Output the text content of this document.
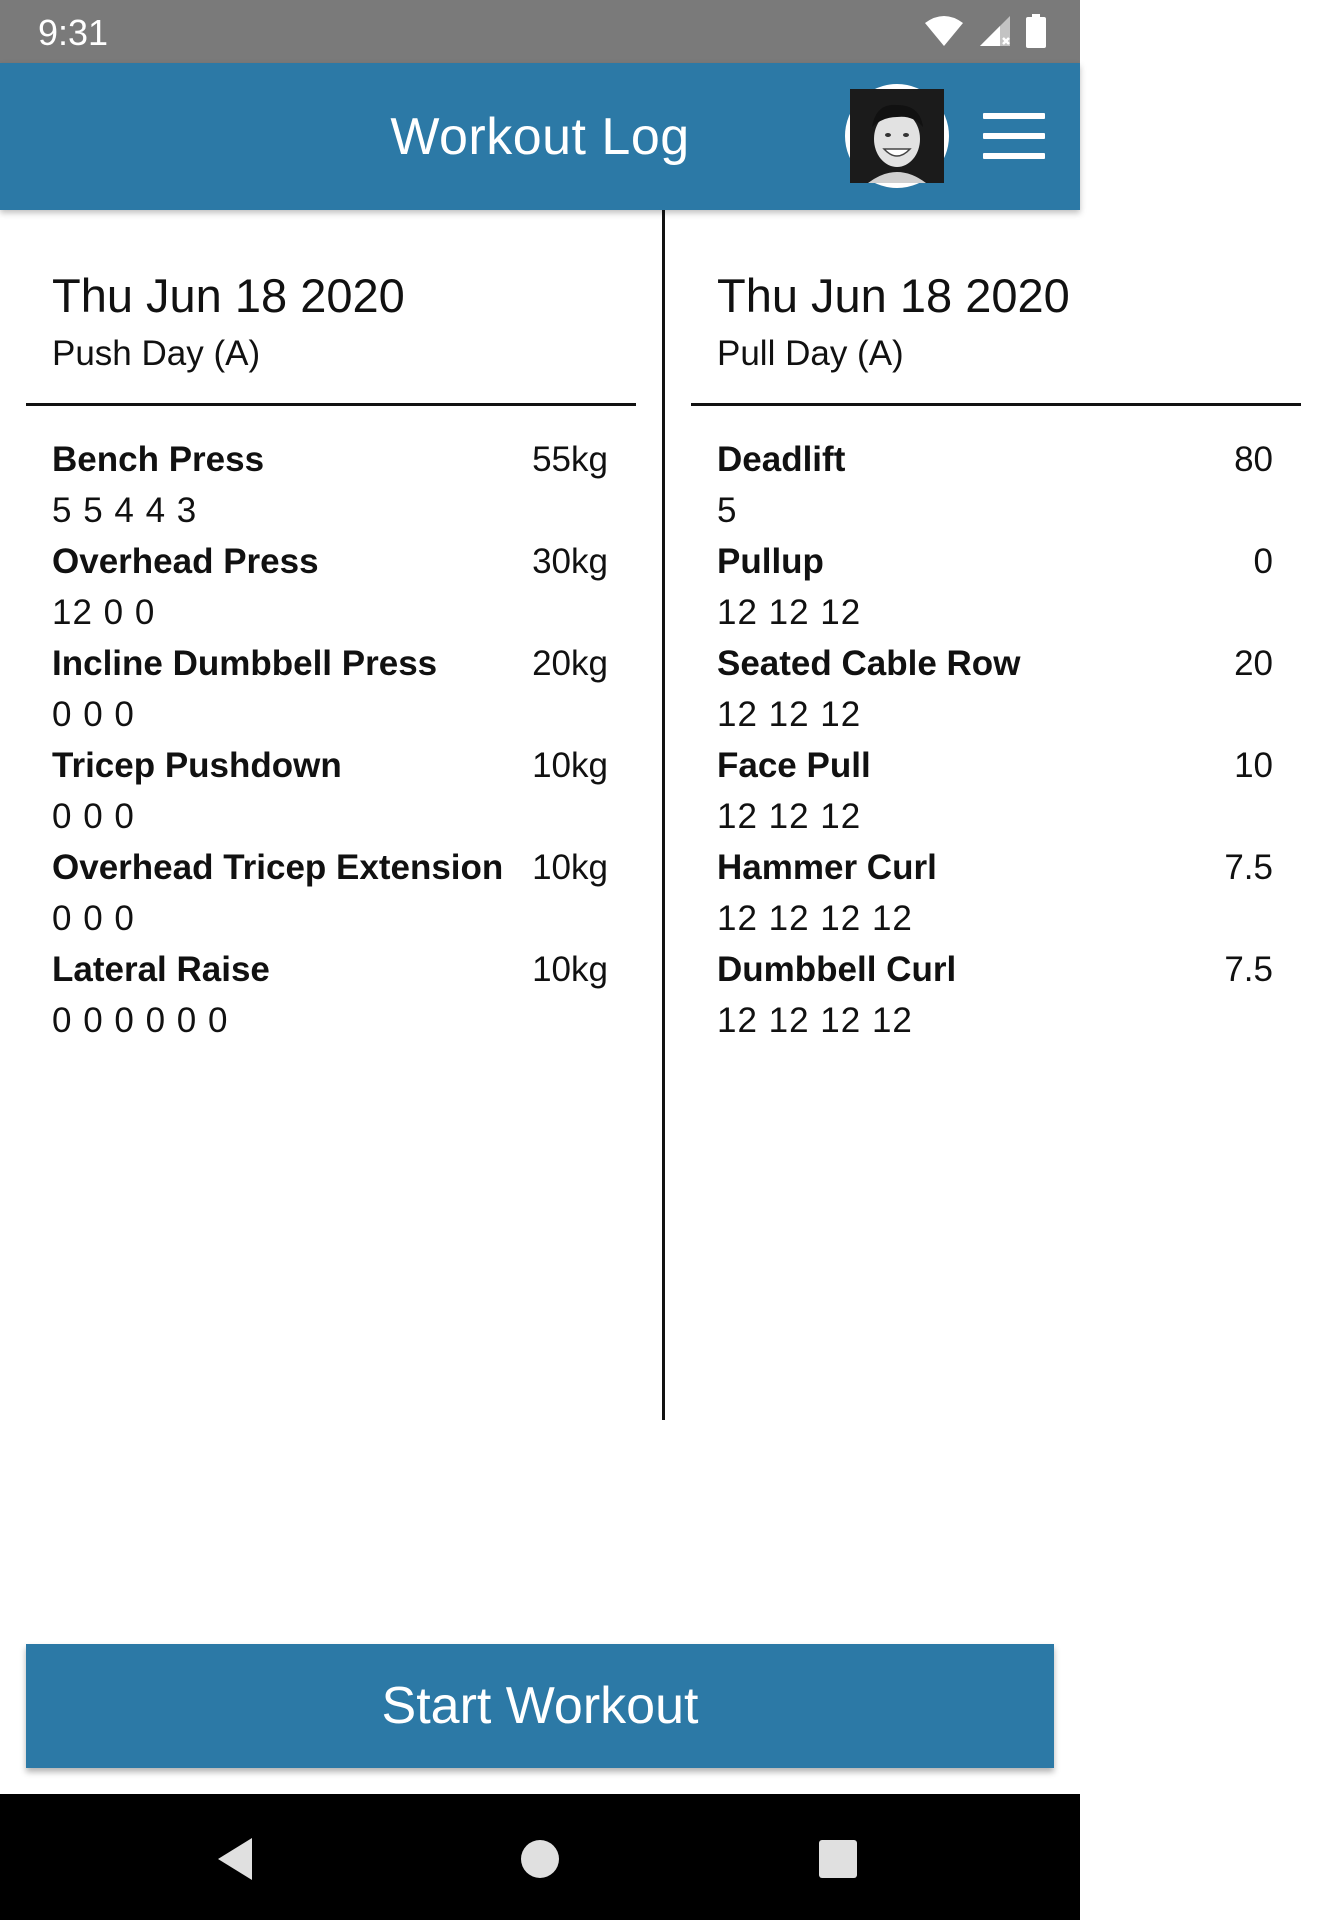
9:31
Workout Log
Thu Jun 18 2020
Push Day (A)
Bench Press	55kg
5 5 4 4 3
Overhead Press	30kg
12 0 0
Incline Dumbbell Press	20kg
0 0 0
Tricep Pushdown	10kg
0 0 0
Overhead Tricep Extension 10kg
0 0 0
Lateral Raise	10kg
0 0 0 0 0 0
Thu Jun 18 2020
Pull Day (A)
Deadlift	80
5
Pullup	0
12 12 12
Seated Cable Row	20
12 12 12
Face Pull	10
12 12 12
Hammer Curl	7.5
12 12 12 12
Dumbbell Curl	7.5
12 12 12 12
Start Workout
